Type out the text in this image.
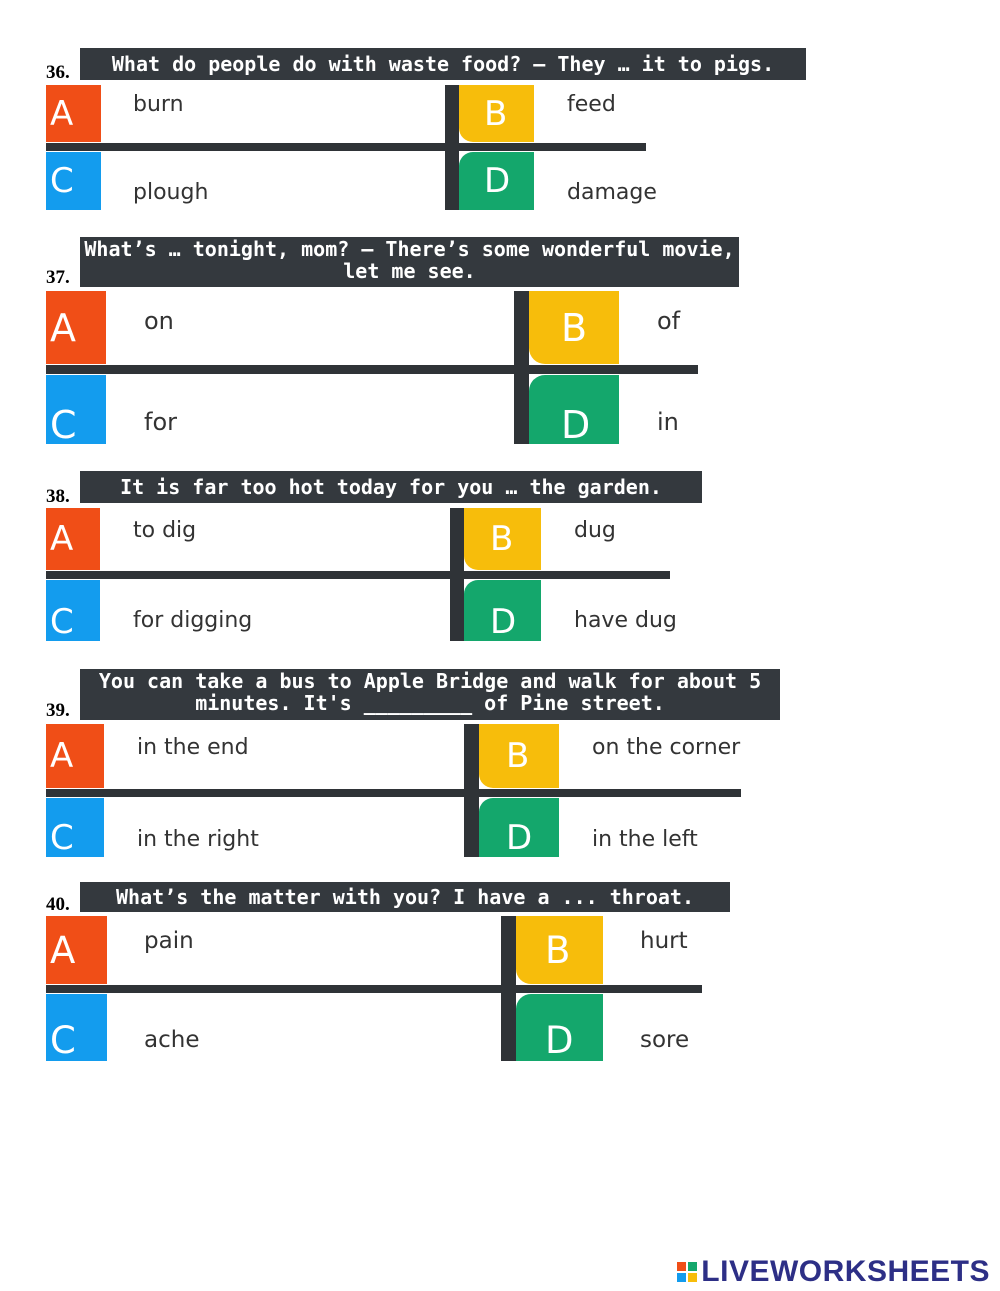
36.	What do people do with waste food? – They … it to pigs.
A	burn	B	feed
C	plough	D	damage
37.
What’s … tonight, mom? – There’s some wonderful movie,
let me see.
A	on	B	of
C	for	D	in
38.	It is far too hot today for you … the garden.
A	to dig	B	dug
C	for digging	D	have dug
39.
You can take a bus to Apple Bridge and walk for about 5
minutes. It's _________ of Pine street.
A	in the end	B	on the corner
C	in the right	D	in the left
40.	What’s the matter with you? I have a ... throat.
A	pain	B	hurt
C	ache	D	sore
LIVEWORKSHEETS
